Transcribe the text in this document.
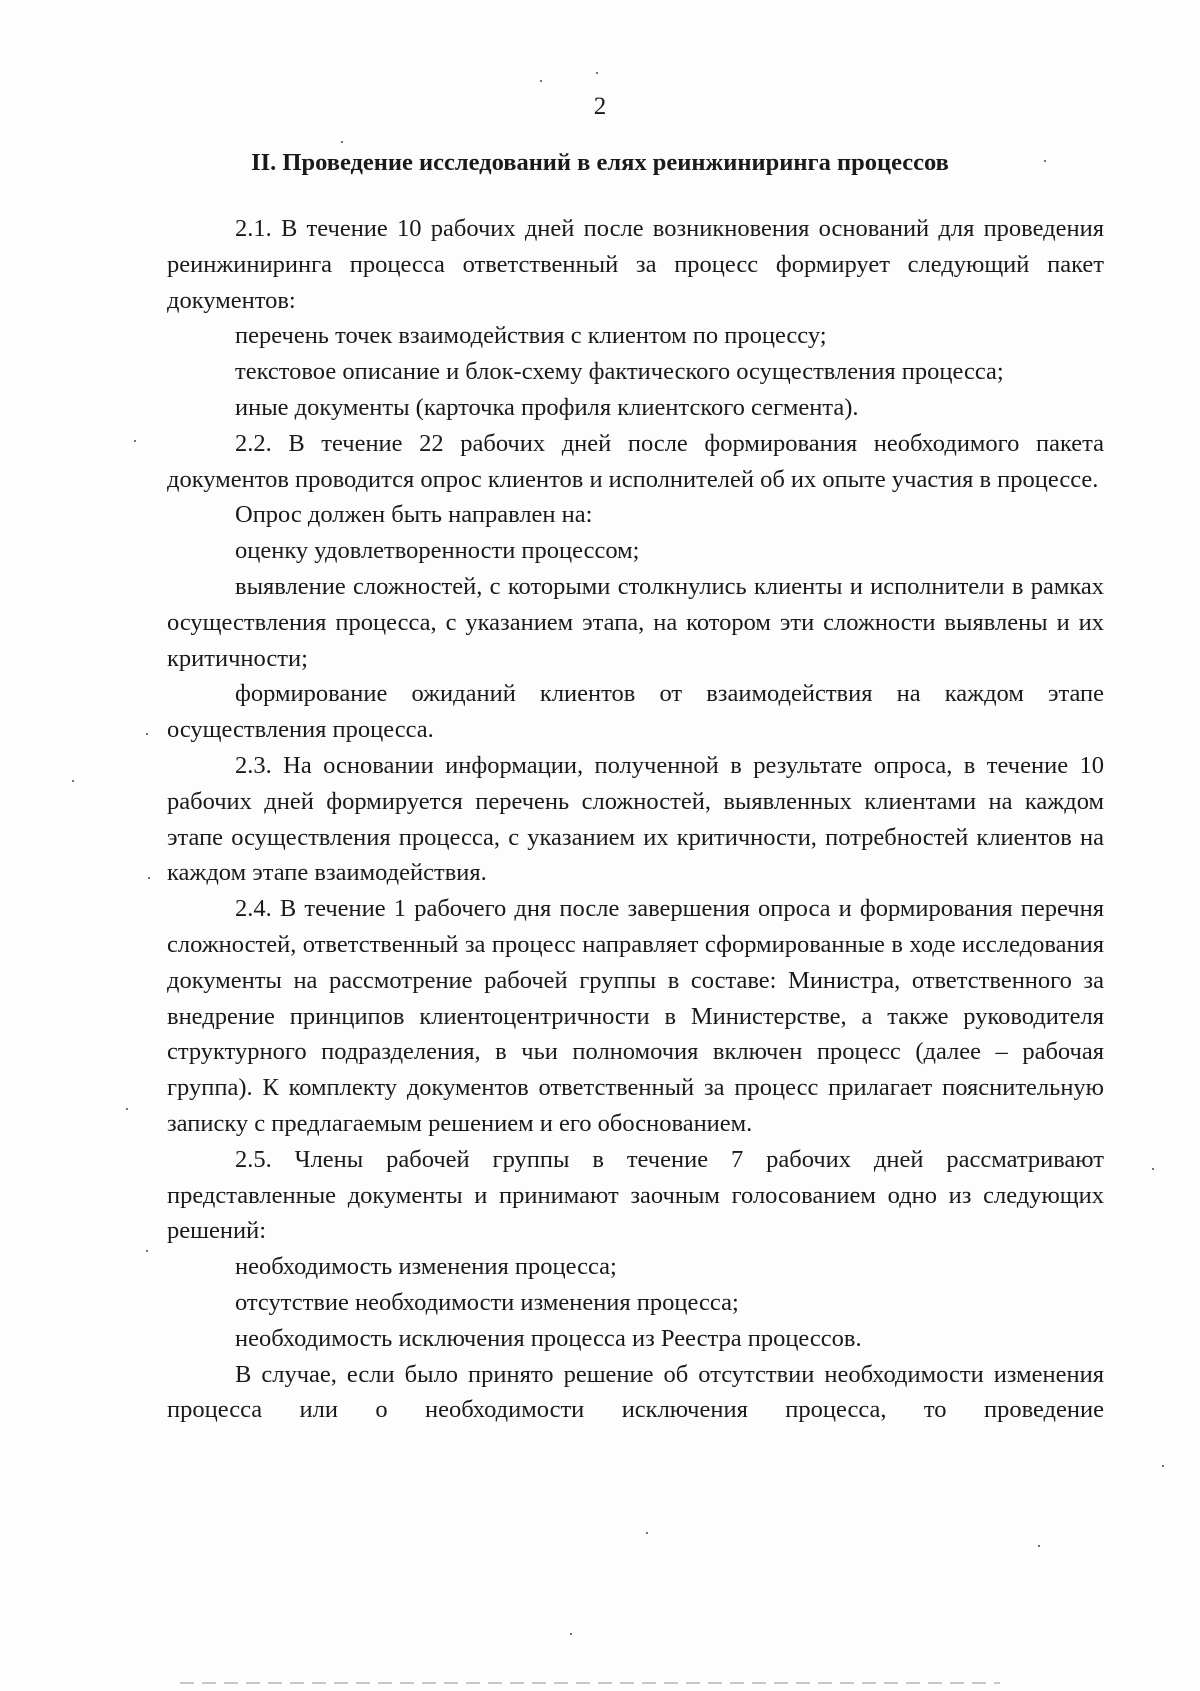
2
II. Проведение исследований в елях реинжиниринга процессов

2.1. В течение 10 рабочих дней после возникновения оснований для проведения реинжиниринга процесса ответственный за процесс формирует следующий пакет документов:

перечень точек взаимодействия с клиентом по процессу;

текстовое описание и блок-схему фактического осуществления процесса;

иные документы (карточка профиля клиентского сегмента).

2.2. В течение 22 рабочих дней после формирования необходимого пакета документов проводится опрос клиентов и исполнителей об их опыте участия в процессе.

Опрос должен быть направлен на:

оценку удовлетворенности процессом;

выявление сложностей, с которыми столкнулись клиенты и исполнители в рамках осуществления процесса, с указанием этапа, на котором эти сложности выявлены и их критичности;

формирование ожиданий клиентов от взаимодействия на каждом этапе осуществления процесса.

2.3. На основании информации, полученной в результате опроса, в течение 10 рабочих дней формируется перечень сложностей, выявленных клиентами на каждом этапе осуществления процесса, с указанием их критичности, потребностей клиентов на каждом этапе взаимодействия.

2.4. В течение 1 рабочего дня после завершения опроса и формирования перечня сложностей, ответственный за процесс направляет сформированные в ходе исследования документы на рассмотрение рабочей группы в составе: Министра, ответственного за внедрение принципов клиентоцентричности в Министерстве, а также руководителя структурного подразделения, в чьи полномочия включен процесс (далее – рабочая группа). К комплекту документов ответственный за процесс прилагает пояснительную записку с предлагаемым решением и его обоснованием.

2.5. Члены рабочей группы в течение 7 рабочих дней рассматривают представленные документы и принимают заочным голосованием одно из следующих решений:

необходимость изменения процесса;

отсутствие необходимости изменения процесса;

необходимость исключения процесса из Реестра процессов.

В случае, если было принято решение об отсутствии необходимости изменения процесса или о необходимости исключения процесса, то проведение
